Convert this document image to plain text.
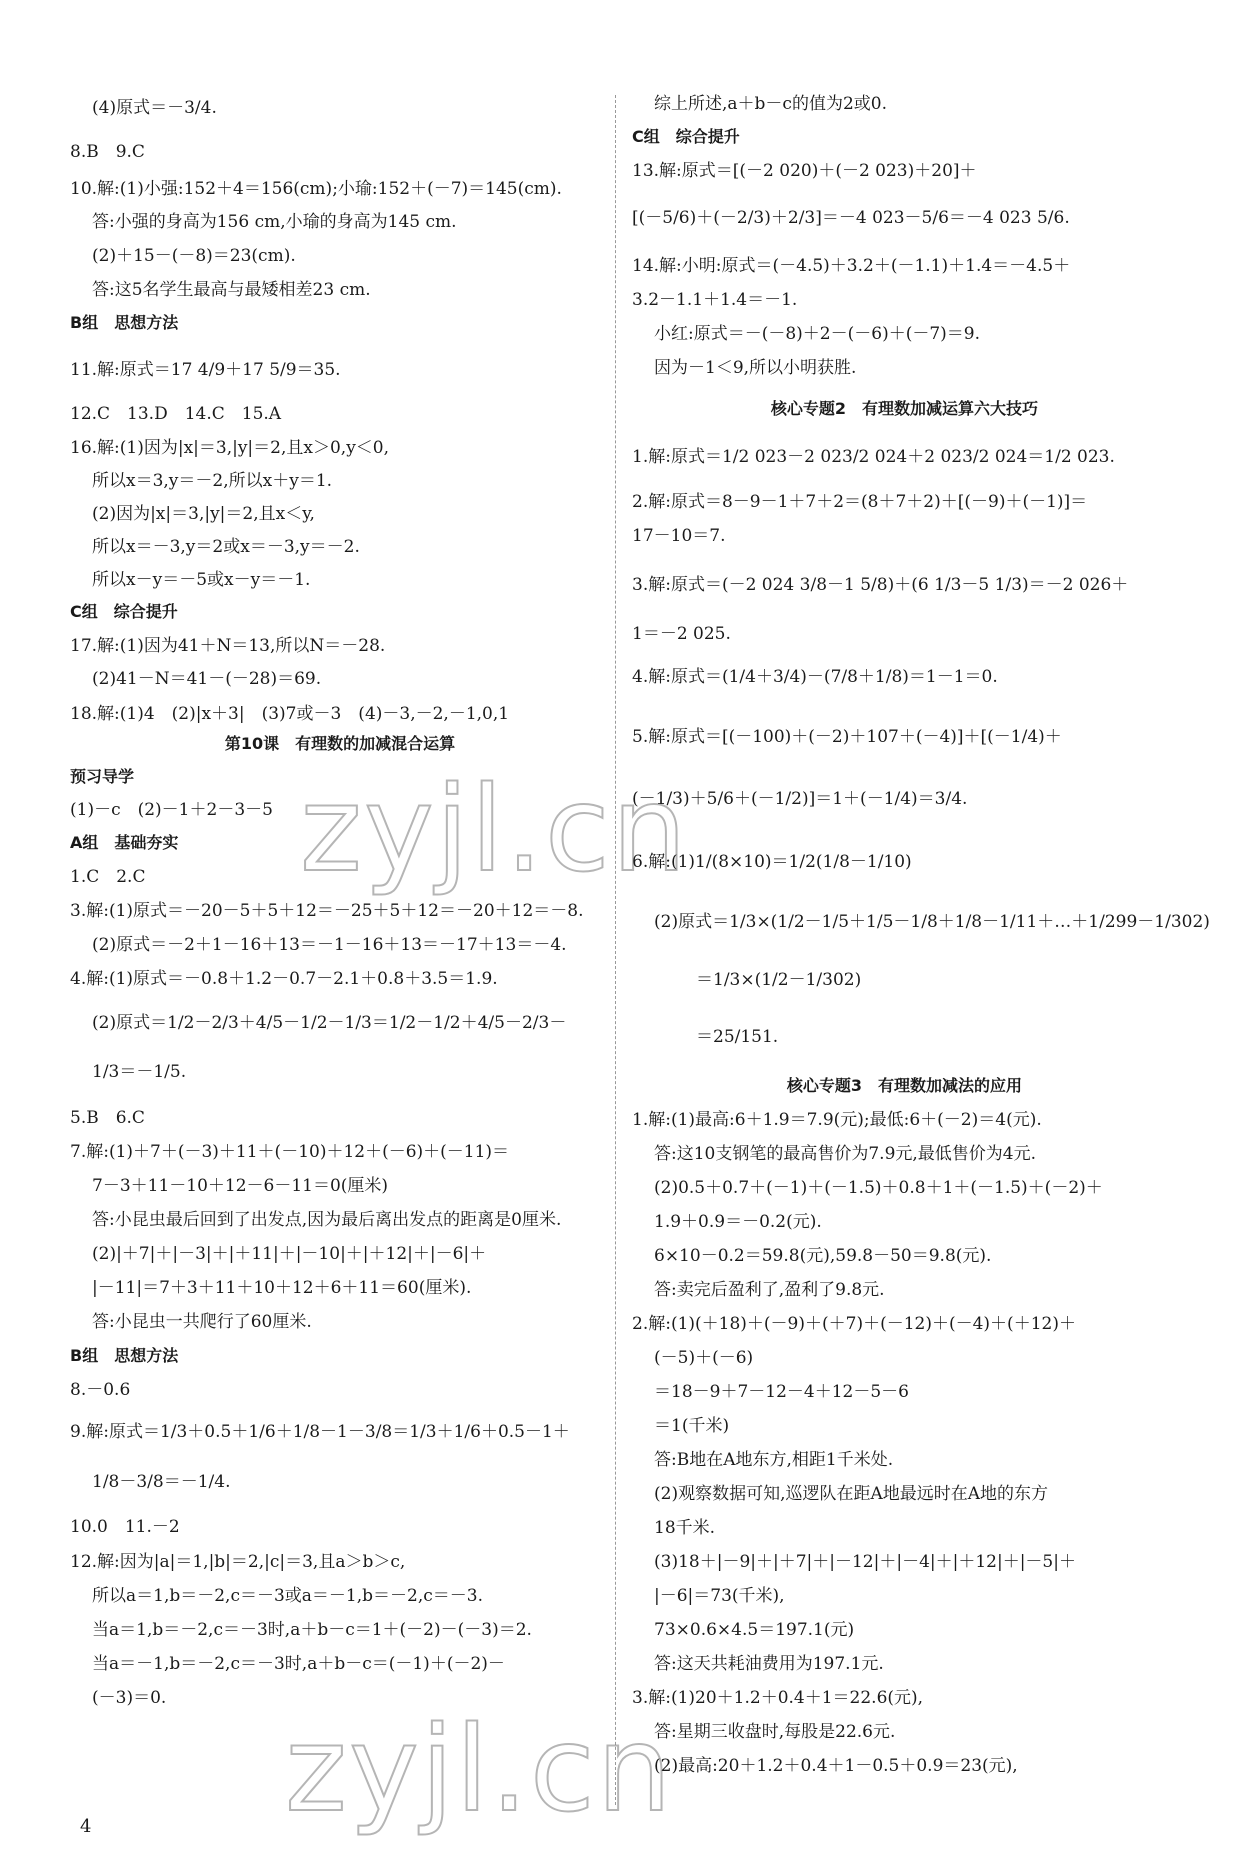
(4)原式＝－3/4.
8.B　9.C
10.解:(1)小强:152＋4＝156(cm);小瑜:152＋(－7)＝145(cm).
答:小强的身高为156 cm,小瑜的身高为145 cm.
(2)＋15－(－8)＝23(cm).
答:这5名学生最高与最矮相差23 cm.
B组　思想方法
11.解:原式＝17 4/9＋17 5/9＝35.
12.C　13.D　14.C　15.A
16.解:(1)因为|x|＝3,|y|＝2,且x＞0,y＜0,
所以x＝3,y＝－2,所以x＋y＝1.
(2)因为|x|＝3,|y|＝2,且x＜y,
所以x＝－3,y＝2或x＝－3,y＝－2.
所以x－y＝－5或x－y＝－1.
C组　综合提升
17.解:(1)因为41＋N＝13,所以N＝－28.
(2)41－N＝41－(－28)＝69.
18.解:(1)4　(2)|x＋3|　(3)7或－3　(4)－3,－2,－1,0,1
第10课　有理数的加减混合运算
预习导学
(1)－c　(2)－1＋2－3－5
A组　基础夯实
1.C　2.C
3.解:(1)原式＝－20－5＋5＋12＝－25＋5＋12＝－20＋12＝－8.
(2)原式＝－2＋1－16＋13＝－1－16＋13＝－17＋13＝－4.
4.解:(1)原式＝－0.8＋1.2－0.7－2.1＋0.8＋3.5＝1.9.
(2)原式＝1/2－2/3＋4/5－1/2－1/3＝1/2－1/2＋4/5－2/3－
1/3＝－1/5.
5.B　6.C
7.解:(1)＋7＋(－3)＋11＋(－10)＋12＋(－6)＋(－11)＝
7－3＋11－10＋12－6－11＝0(厘米)
答:小昆虫最后回到了出发点,因为最后离出发点的距离是0厘米.
(2)|＋7|＋|－3|＋|＋11|＋|－10|＋|＋12|＋|－6|＋
|－11|＝7＋3＋11＋10＋12＋6＋11＝60(厘米).
答:小昆虫一共爬行了60厘米.
B组　思想方法
8.－0.6
9.解:原式＝1/3＋0.5＋1/6＋1/8－1－3/8＝1/3＋1/6＋0.5－1＋
1/8－3/8＝－1/4.
10.0　11.－2
12.解:因为|a|＝1,|b|＝2,|c|＝3,且a＞b＞c,
所以a＝1,b＝－2,c＝－3或a＝－1,b＝－2,c＝－3.
当a＝1,b＝－2,c＝－3时,a＋b－c＝1＋(－2)－(－3)＝2.
当a＝－1,b＝－2,c＝－3时,a＋b－c＝(－1)＋(－2)－
(－3)＝0.
综上所述,a＋b－c的值为2或0.
C组　综合提升
13.解:原式＝[(－2 020)＋(－2 023)＋20]＋
[(－5/6)＋(－2/3)＋2/3]＝－4 023－5/6＝－4 023 5/6.
14.解:小明:原式＝(－4.5)＋3.2＋(－1.1)＋1.4＝－4.5＋
3.2－1.1＋1.4＝－1.
小红:原式＝－(－8)＋2－(－6)＋(－7)＝9.
因为－1＜9,所以小明获胜.
核心专题2　有理数加减运算六大技巧
1.解:原式＝1/2 023－2 023/2 024＋2 023/2 024＝1/2 023.
2.解:原式＝8－9－1＋7＋2＝(8＋7＋2)＋[(－9)＋(－1)]＝
17－10＝7.
3.解:原式＝(－2 024 3/8－1 5/8)＋(6 1/3－5 1/3)＝－2 026＋
1＝－2 025.
4.解:原式＝(1/4＋3/4)－(7/8＋1/8)＝1－1＝0.
5.解:原式＝[(－100)＋(－2)＋107＋(－4)]＋[(－1/4)＋
(－1/3)＋5/6＋(－1/2)]＝1＋(－1/4)＝3/4.
6.解:(1)1/(8×10)＝1/2(1/8－1/10)
(2)原式＝1/3×(1/2－1/5＋1/5－1/8＋1/8－1/11＋…＋1/299－1/302)
＝1/3×(1/2－1/302)
＝25/151.
核心专题3　有理数加减法的应用
1.解:(1)最高:6＋1.9＝7.9(元);最低:6＋(－2)＝4(元).
答:这10支钢笔的最高售价为7.9元,最低售价为4元.
(2)0.5＋0.7＋(－1)＋(－1.5)＋0.8＋1＋(－1.5)＋(－2)＋
1.9＋0.9＝－0.2(元).
6×10－0.2＝59.8(元),59.8－50＝9.8(元).
答:卖完后盈利了,盈利了9.8元.
2.解:(1)(＋18)＋(－9)＋(＋7)＋(－12)＋(－4)＋(＋12)＋
(－5)＋(－6)
＝18－9＋7－12－4＋12－5－6
＝1(千米)
答:B地在A地东方,相距1千米处.
(2)观察数据可知,巡逻队在距A地最远时在A地的东方
18千米.
(3)18＋|－9|＋|＋7|＋|－12|＋|－4|＋|＋12|＋|－5|＋
|－6|＝73(千米),
73×0.6×4.5＝197.1(元)
答:这天共耗油费用为197.1元.
3.解:(1)20＋1.2＋0.4＋1＝22.6(元),
答:星期三收盘时,每股是22.6元.
(2)最高:20＋1.2＋0.4＋1－0.5＋0.9＝23(元),
zyjl.cn
zyjl.cn
4
